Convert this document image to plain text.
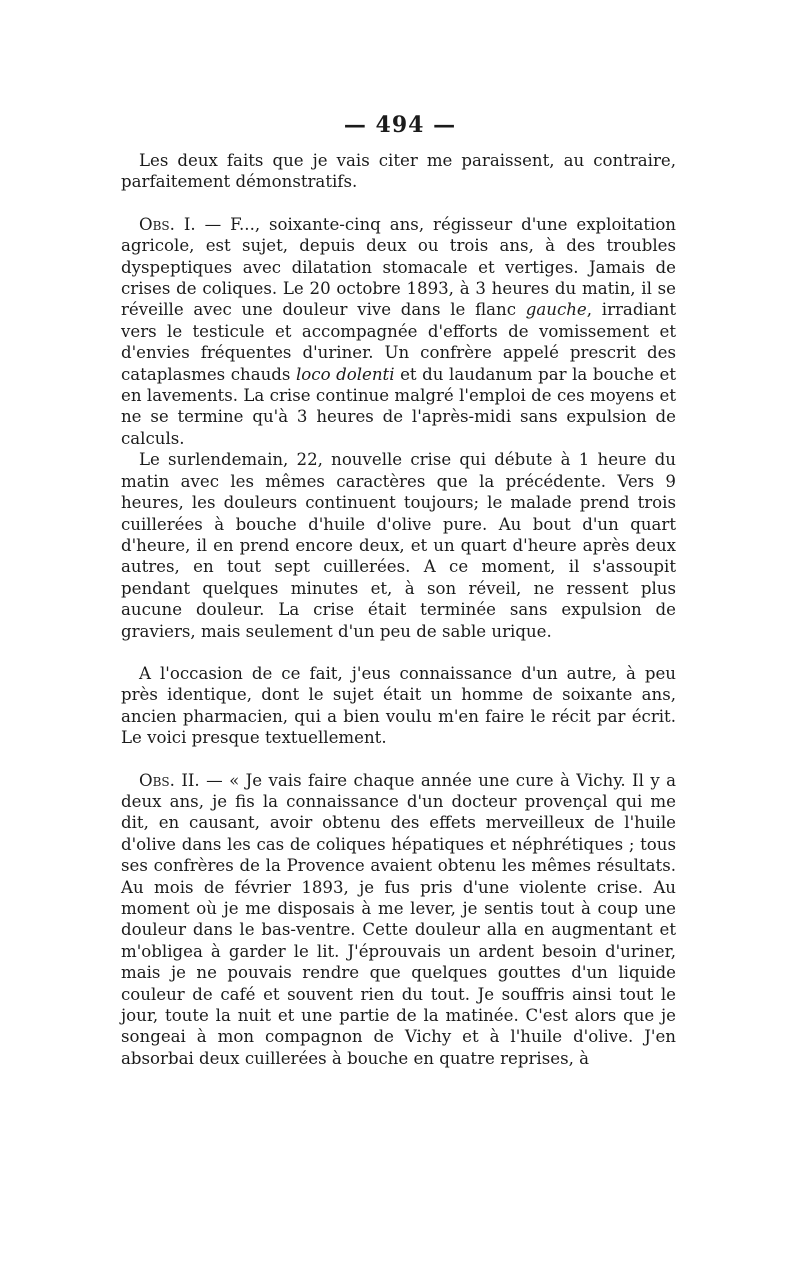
— 494 —

Les deux faits que je vais citer me paraissent, au contraire, parfaitement démonstratifs.

Obs. I. — F..., soixante-cinq ans, régisseur d'une exploitation agricole, est sujet, depuis deux ou trois ans, à des troubles dyspeptiques avec dilatation stomacale et vertiges. Jamais de crises de coliques. Le 20 octobre 1893, à 3 heures du matin, il se réveille avec une douleur vive dans le flanc gauche, irradiant vers le testicule et accompagnée d'efforts de vomissement et d'envies fréquentes d'uriner. Un confrère appelé prescrit des cataplasmes chauds loco dolenti et du laudanum par la bouche et en lavements. La crise continue malgré l'emploi de ces moyens et ne se termine qu'à 3 heures de l'après-midi sans expulsion de calculs.

Le surlendemain, 22, nouvelle crise qui débute à 1 heure du matin avec les mêmes caractères que la précédente. Vers 9 heures, les douleurs continuent toujours; le malade prend trois cuillerées à bouche d'huile d'olive pure. Au bout d'un quart d'heure, il en prend encore deux, et un quart d'heure après deux autres, en tout sept cuillerées. A ce moment, il s'assoupit pendant quelques minutes et, à son réveil, ne ressent plus aucune douleur. La crise était terminée sans expulsion de graviers, mais seulement d'un peu de sable urique.

A l'occasion de ce fait, j'eus connaissance d'un autre, à peu près identique, dont le sujet était un homme de soixante ans, ancien pharmacien, qui a bien voulu m'en faire le récit par écrit. Le voici presque textuellement.

Obs. II. — « Je vais faire chaque année une cure à Vichy. Il y a deux ans, je fis la connaissance d'un docteur provençal qui me dit, en causant, avoir obtenu des effets merveilleux de l'huile d'olive dans les cas de coliques hépatiques et néphrétiques ; tous ses confrères de la Provence avaient obtenu les mêmes résultats. Au mois de février 1893, je fus pris d'une violente crise. Au moment où je me disposais à me lever, je sentis tout à coup une douleur dans le bas-ventre. Cette douleur alla en augmentant et m'obligea à garder le lit. J'éprouvais un ardent besoin d'uriner, mais je ne pouvais rendre que quelques gouttes d'un liquide couleur de café et souvent rien du tout. Je souffris ainsi tout le jour, toute la nuit et une partie de la matinée. C'est alors que je songeai à mon compagnon de Vichy et à l'huile d'olive. J'en absorbai deux cuillerées à bouche en quatre reprises, à
